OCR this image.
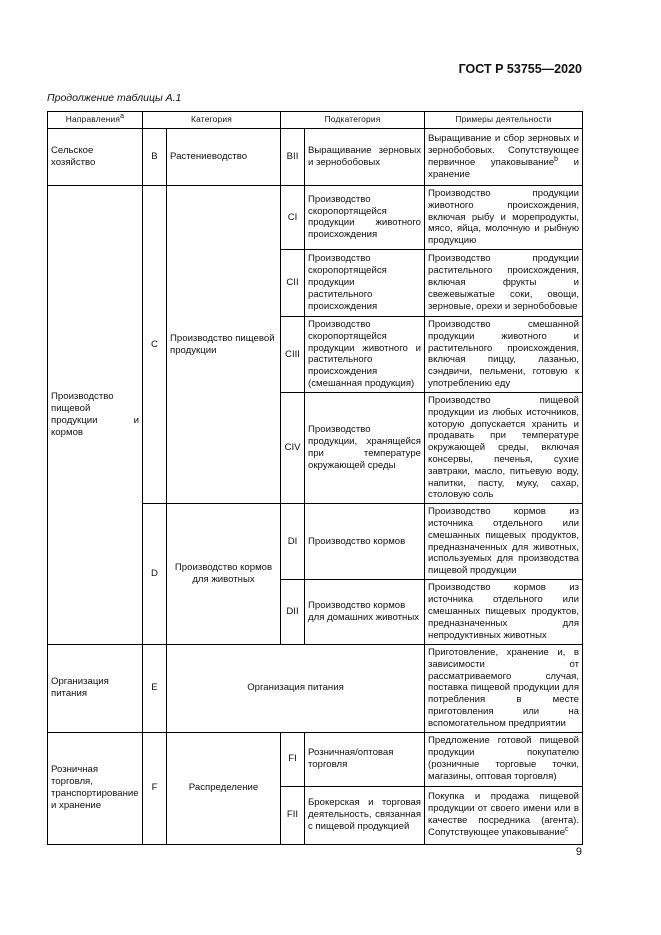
ГОСТ Р 53755—2020
Продолжение таблицы А.1
Направления$^a$	Категория		Подкатегория		Примеры деятельности
Сельское хозяйство	B	Растениеводство	BII	Выращивание зерновых и зернобобовых	Выращивание и сбор зерновых и зернобобовых. Сопутствующее первичное упаковывание$^b$ и хранение
Производство пищевой продукции и кормов	C	Производство пищевой продукции	CI	Производство скоропортящейся продукции животного происхождения	Производство продукции животного происхождения, включая рыбу и морепродукты, мясо, яйца, молочную и рыбную продукцию
			CII	Производство скоропортящейся продукции растительного происхождения	Производство продукции растительного происхождения, включая фрукты и свежевыжатые соки, овощи, зерновые, орехи и зернобобовые
			CIII	Производство скоропортящейся продукции животного и растительного происхождения (смешанная продукция)	Производство смешанной продукции животного и растительного происхождения, включая пиццу, лазанью, сэндвичи, пельмени, готовую к употреблению еду
			CIV	Производство продукции, хранящейся при температуре окружающей среды	Производство пищевой продукции из любых источников, которую допускается хранить и продавать при температуре окружающей среды, включая консервы, печенья, сухие завтраки, масло, питьевую воду, напитки, пасту, муку, сахар, столовую соль
	D	Производство кормов для животных	DI	Производство кормов	Производство кормов из источника отдельного или смешанных пищевых продуктов, предназначенных для животных, используемых для производства пищевой продукции
			DII	Производство кормов для домашних животных	Производство кормов из источника отдельного или смешанных пищевых продуктов, предназначенных для непродуктивных животных
Организация питания	E	Организация питания			Приготовление, хранение и, в зависимости от рассматриваемого случая, поставка пищевой продукции для потребления в месте приготовления или на вспомогательном предприятии
Розничная торговля, транспортирование и хранение	F	Распределение	FI	Розничная/оптовая торговля	Предложение готовой пищевой продукции покупателю (розничные торговые точки, магазины, оптовая торговля)
			FII	Брокерская и торговая деятельность, связанная с пищевой продукцией	Покупка и продажа пищевой продукции от своего имени или в качестве посредника (агента). Сопутствующее упаковывание$^c$
9
